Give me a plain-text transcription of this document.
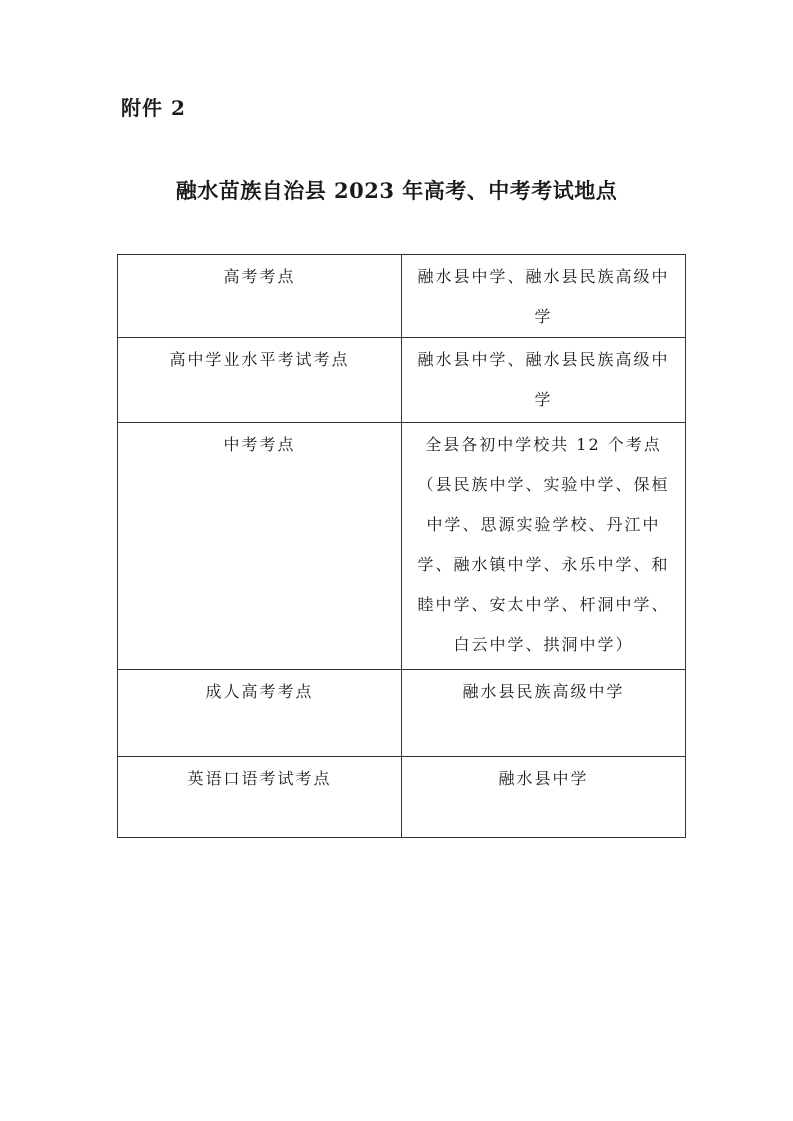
附件 2
融水苗族自治县 2023 年高考、中考考试地点
高考考点	融水县中学、融水县民族高级中学

高中学业水平考试考点	融水县中学、融水县民族高级中学

中考考点	全县各初中学校共 12 个考点（县民族中学、实验中学、保桓中学、思源实验学校、丹江中学、融水镇中学、永乐中学、和睦中学、安太中学、杆洞中学、白云中学、拱洞中学）

成人高考考点	融水县民族高级中学

英语口语考试考点	融水县中学
